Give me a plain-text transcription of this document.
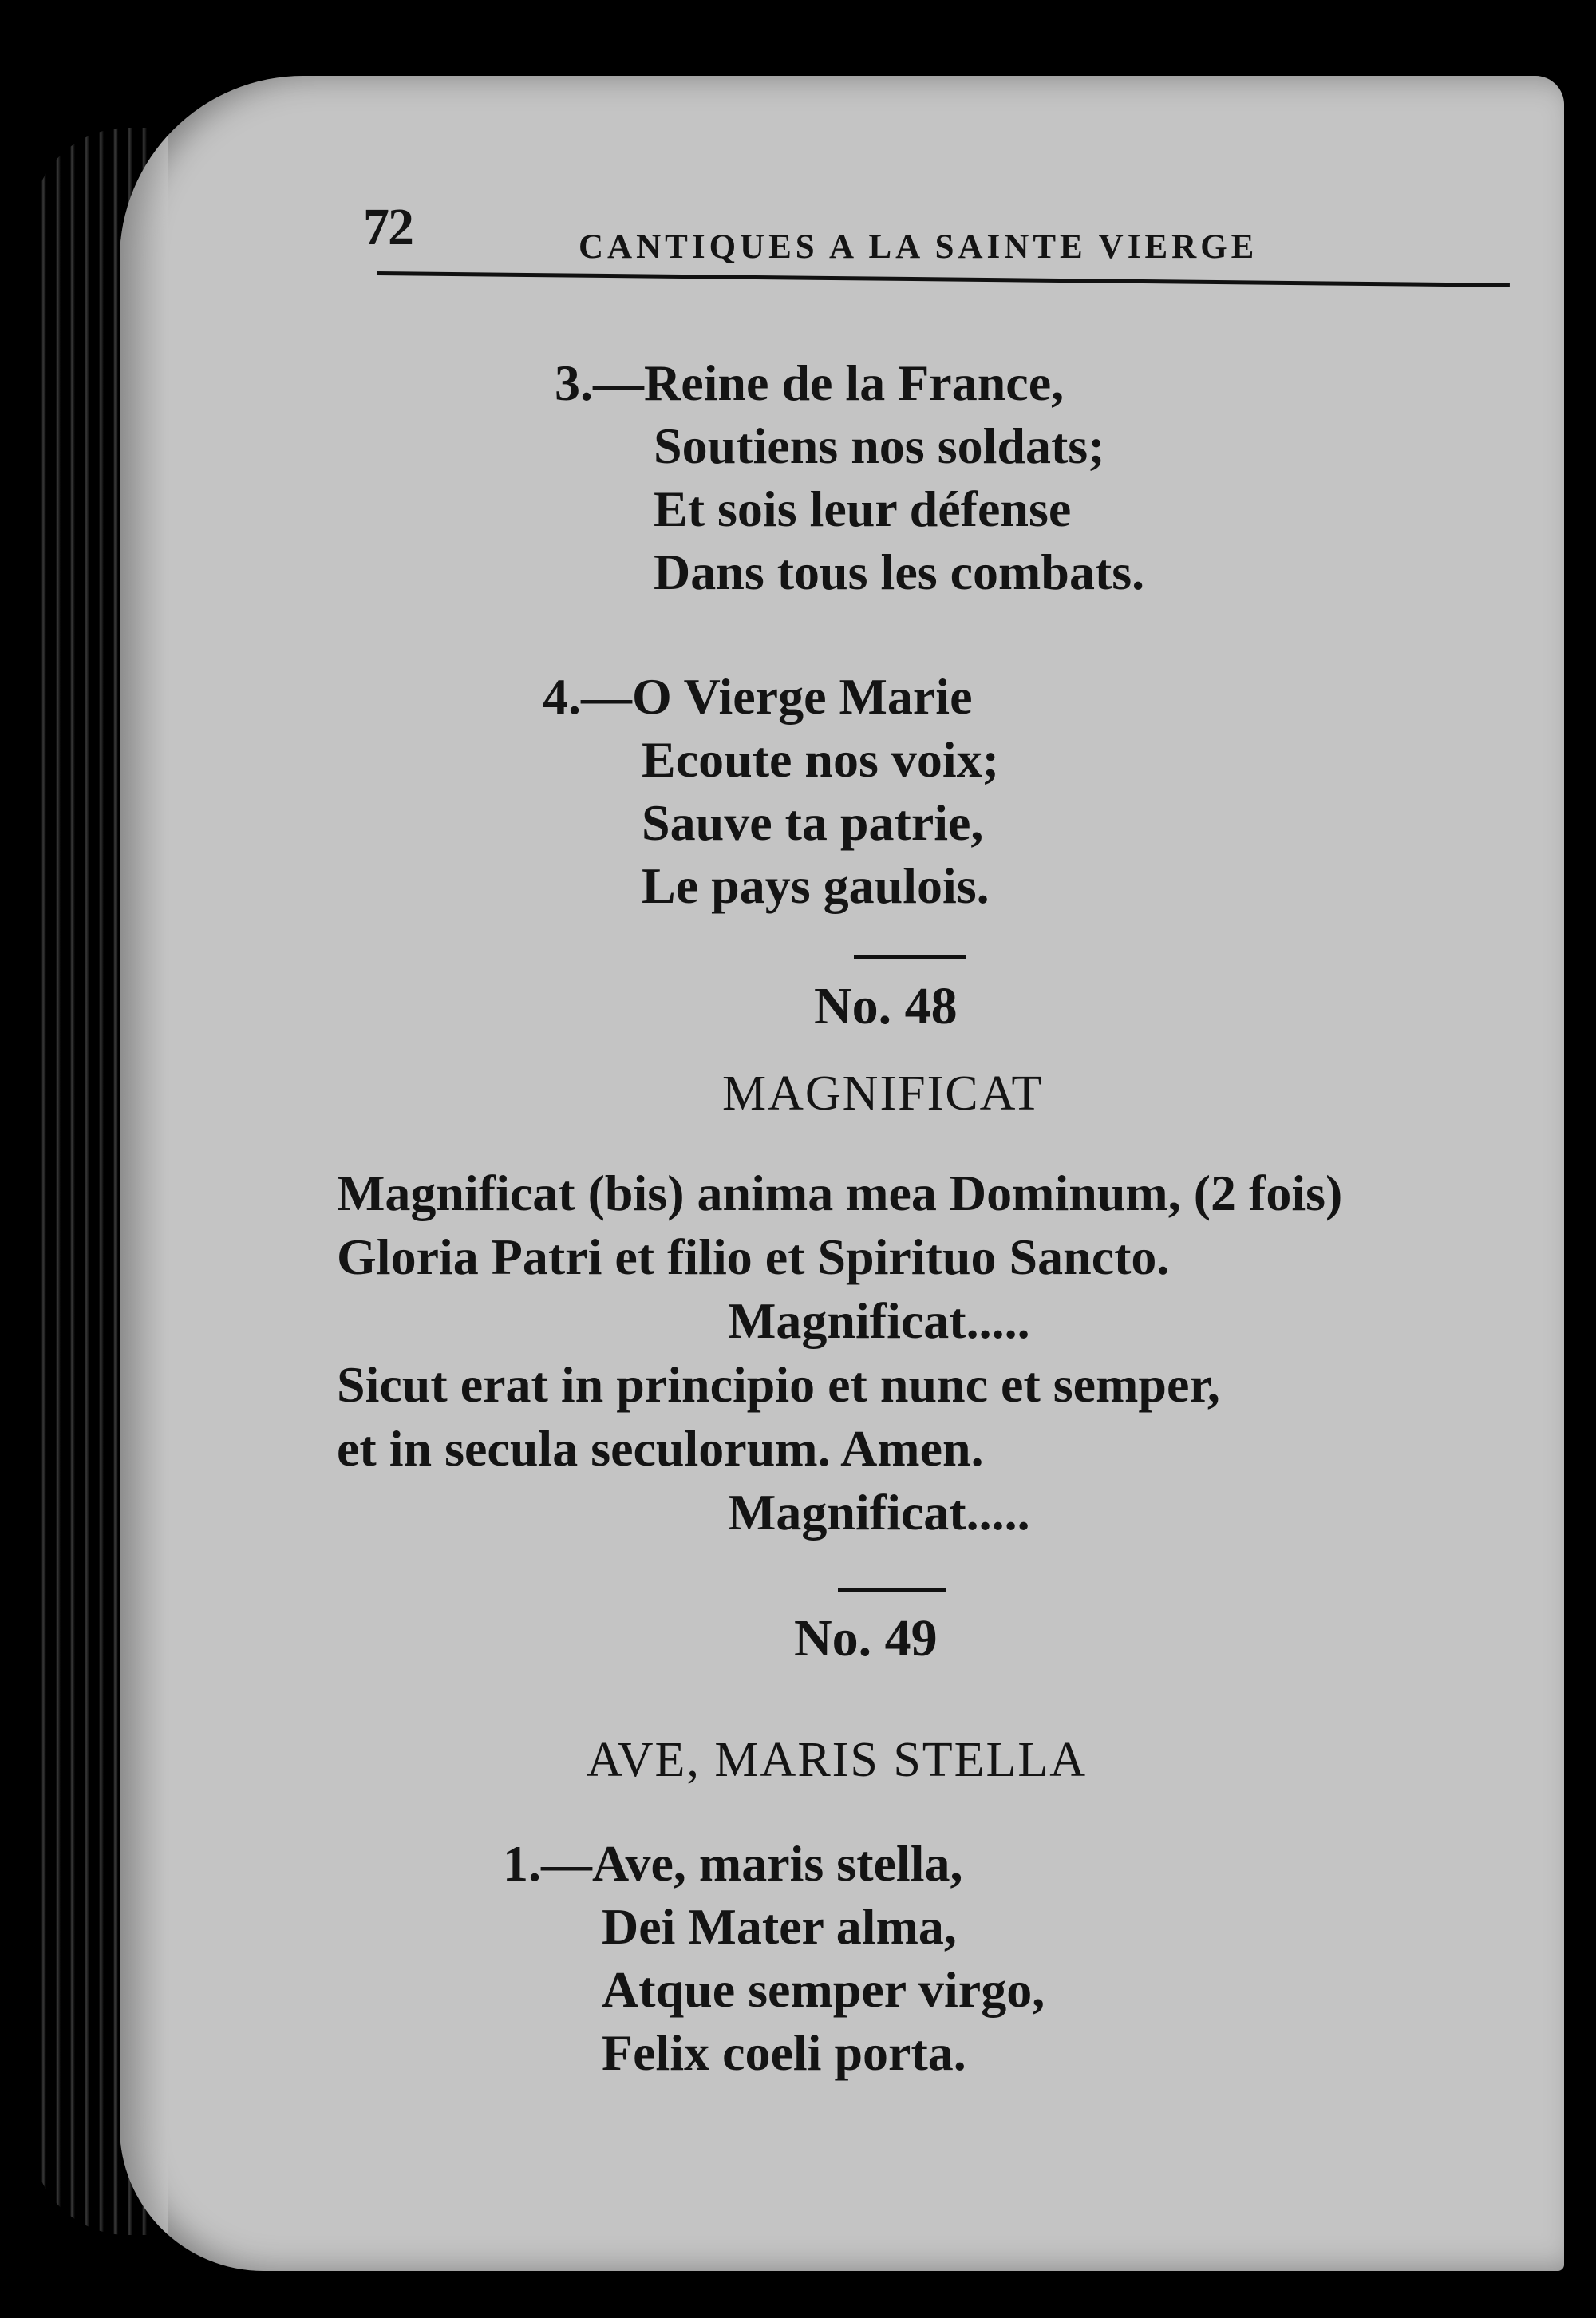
72	CANTIQUES A LA SAINTE VIERGE
3.—Reine de la France,
Soutiens nos soldats;
Et sois leur défense
Dans tous les combats.
4.—O Vierge Marie
Ecoute nos voix;
Sauve ta patrie,
Le pays gaulois.
No. 48
MAGNIFICAT
Magnificat (bis) anima mea Dominum, (2 fois)
Gloria Patri et filio et Spirituo Sancto.
Magnificat.....
Sicut erat in principio et nunc et semper,
et in secula seculorum. Amen.
Magnificat.....
No. 49
AVE, MARIS STELLA
1.—Ave, maris stella,
Dei Mater alma,
Atque semper virgo,
Felix coeli porta.
